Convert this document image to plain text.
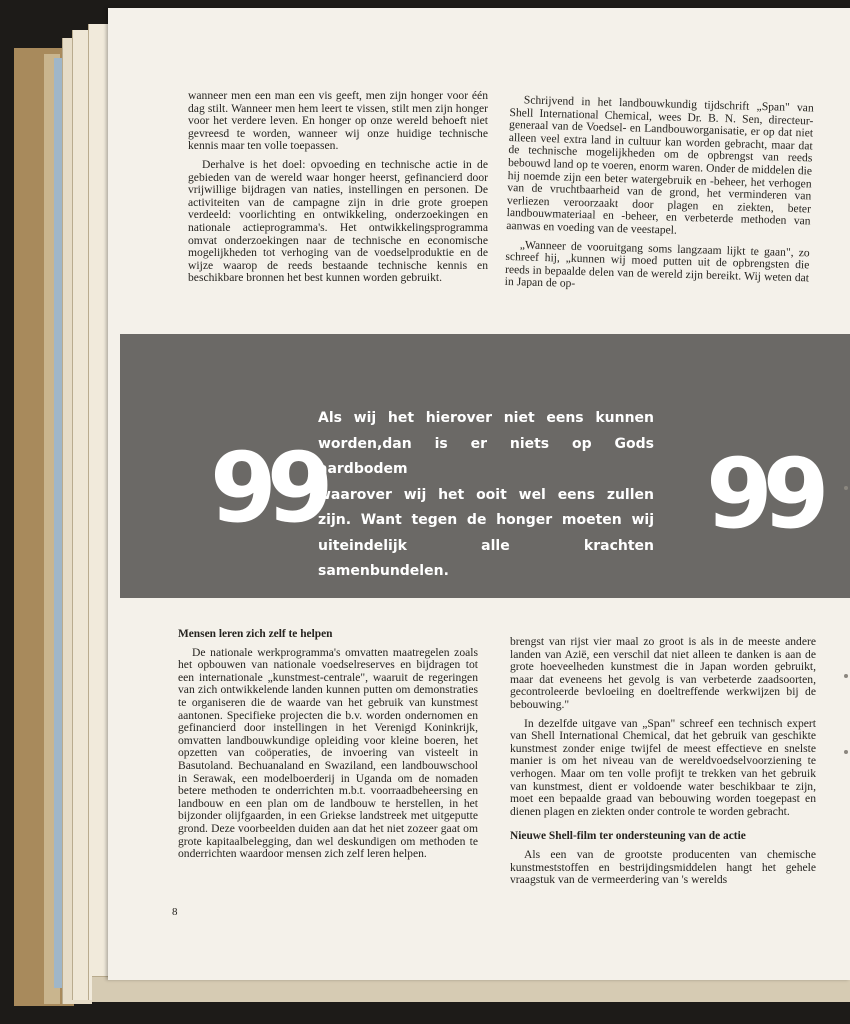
wanneer men een man een vis geeft, men zijn honger voor één dag stilt. Wanneer men hem leert te vissen, stilt men zijn honger voor het verdere leven. En honger op onze wereld behoeft niet gevreesd te worden, wanneer wij onze huidige technische kennis maar ten volle toepassen.

Derhalve is het doel: opvoeding en technische actie in de gebieden van de wereld waar honger heerst, gefinancierd door vrijwillige bijdragen van naties, instellingen en personen. De activiteiten van de campagne zijn in drie grote groepen verdeeld: voorlichting en ontwikkeling, onderzoekingen en nationale actieprogramma's. Het ontwikkelingsprogramma omvat onderzoekingen naar de technische en economische mogelijkheden tot verhoging van de voedselproduktie en de wijze waarop de reeds bestaande technische kennis en beschikbare bronnen het best kunnen worden gebruikt.

Schrijvend in het landbouwkundig tijdschrift „Span" van Shell International Chemical, wees Dr. B. N. Sen, directeur-generaal van de Voedsel- en Landbouworganisatie, er op dat niet alleen veel extra land in cultuur kan worden gebracht, maar dat de technische mogelijkheden om de opbrengst van reeds bebouwd land op te voeren, enorm waren. Onder de middelen die hij noemde zijn een beter watergebruik en -beheer, het verhogen van de vruchtbaarheid van de grond, het verminderen van verliezen veroorzaakt door plagen en ziekten, beter landbouwmateriaal en -beheer, en verbeterde methoden van aanwas en voeding van de veestapel.

„Wanneer de vooruitgang soms langzaam lijkt te gaan", zo schreef hij, „kunnen wij moed putten uit de opbrengsten die reeds in bepaalde delen van de wereld zijn bereikt. Wij weten dat in Japan de op-

99
Als wij het hierover niet eens kunnen
worden,dan is er niets op Gods aardbodem
waarover wij het ooit wel eens zullen
zijn. Want tegen de honger moeten wij
uiteindelijk alle krachten samenbundelen.
99

Mensen leren zich zelf te helpen

De nationale werkprogramma's omvatten maatregelen zoals het opbouwen van nationale voedselreserves en bijdragen tot een internationale „kunstmest-centrale", waaruit de regeringen van zich ontwikkelende landen kunnen putten om demonstraties te organiseren die de waarde van het gebruik van kunstmest aantonen. Specifieke projecten die b.v. worden ondernomen en gefinancierd door instellingen in het Verenigd Koninkrijk, omvatten landbouwkundige opleiding voor kleine boeren, het opzetten van coöperaties, de invoering van visteelt in Basutoland. Bechuanaland en Swaziland, een landbouwschool in Serawak, een modelboerderij in Uganda om de nomaden betere methoden te onderrichten m.b.t. voorraadbeheersing en landbouw en een plan om de landbouw te herstellen, in het bijzonder olijfgaarden, in een Griekse landstreek met uitgeputte grond. Deze voorbeelden duiden aan dat het niet zozeer gaat om grote kapitaalbelegging, dan wel deskundigen om methoden te onderrichten waardoor mensen zich zelf leren helpen.

brengst van rijst vier maal zo groot is als in de meeste andere landen van Azië, een verschil dat niet alleen te danken is aan de grote hoeveelheden kunstmest die in Japan worden gebruikt, maar dat eveneens het gevolg is van verbeterde zaadsoorten, gecontroleerde bevloeiing en doeltreffende werkwijzen bij de bebouwing."

In dezelfde uitgave van „Span" schreef een technisch expert van Shell International Chemical, dat het gebruik van geschikte kunstmest zonder enige twijfel de meest effectieve en snelste manier is om het niveau van de wereldvoedselvoorziening te verhogen. Maar om ten volle profijt te trekken van het gebruik van kunstmest, dient er voldoende water beschikbaar te zijn, moet een bepaalde graad van bebouwing worden toegepast en dienen plagen en ziekten onder controle te worden gebracht.

Nieuwe Shell-film ter ondersteuning van de actie

Als een van de grootste producenten van chemische kunstmeststoffen en bestrijdingsmiddelen hangt het gehele vraagstuk van de vermeerdering van 's werelds

8
